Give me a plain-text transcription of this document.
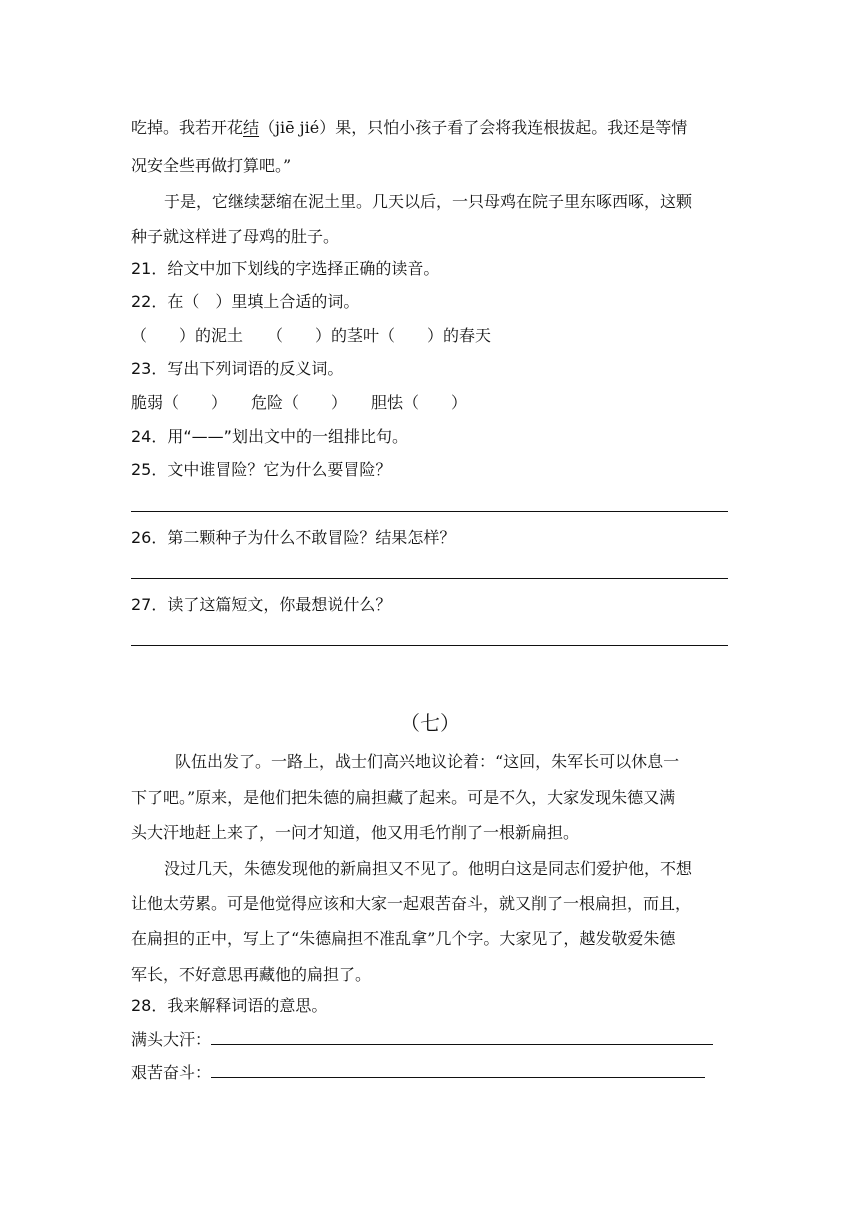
吃掉。我若开花结（jiē jié）果，只怕小孩子看了会将我连根拔起。我还是等情
况安全些再做打算吧。”
于是，它继续瑟缩在泥土里。几天以后，一只母鸡在院子里东啄西啄，这颗
种子就这样进了母鸡的肚子。
21．给文中加下划线的字选择正确的读音。
22．在（　）里填上合适的词。
（　　）的泥土　　（　　）的茎叶（　　）的春天
23．写出下列词语的反义词。
脆弱（　　）　　危险（　　）　　胆怯（　　）
24．用“——”划出文中的一组排比句。
25．文中谁冒险？它为什么要冒险？
26．第二颗种子为什么不敢冒险？结果怎样？
27．读了这篇短文，你最想说什么？
（七）
队伍出发了。一路上，战士们高兴地议论着：“这回，朱军长可以休息一
下了吧。”原来，是他们把朱德的扁担藏了起来。可是不久，大家发现朱德又满
头大汗地赶上来了，一问才知道，他又用毛竹削了一根新扁担。
没过几天，朱德发现他的新扁担又不见了。他明白这是同志们爱护他，不想
让他太劳累。可是他觉得应该和大家一起艰苦奋斗，就又削了一根扁担，而且，
在扁担的正中，写上了“朱德扁担不准乱拿”几个字。大家见了，越发敬爱朱德
军长，不好意思再藏他的扁担了。
28．我来解释词语的意思。
满头大汗：
艰苦奋斗：
